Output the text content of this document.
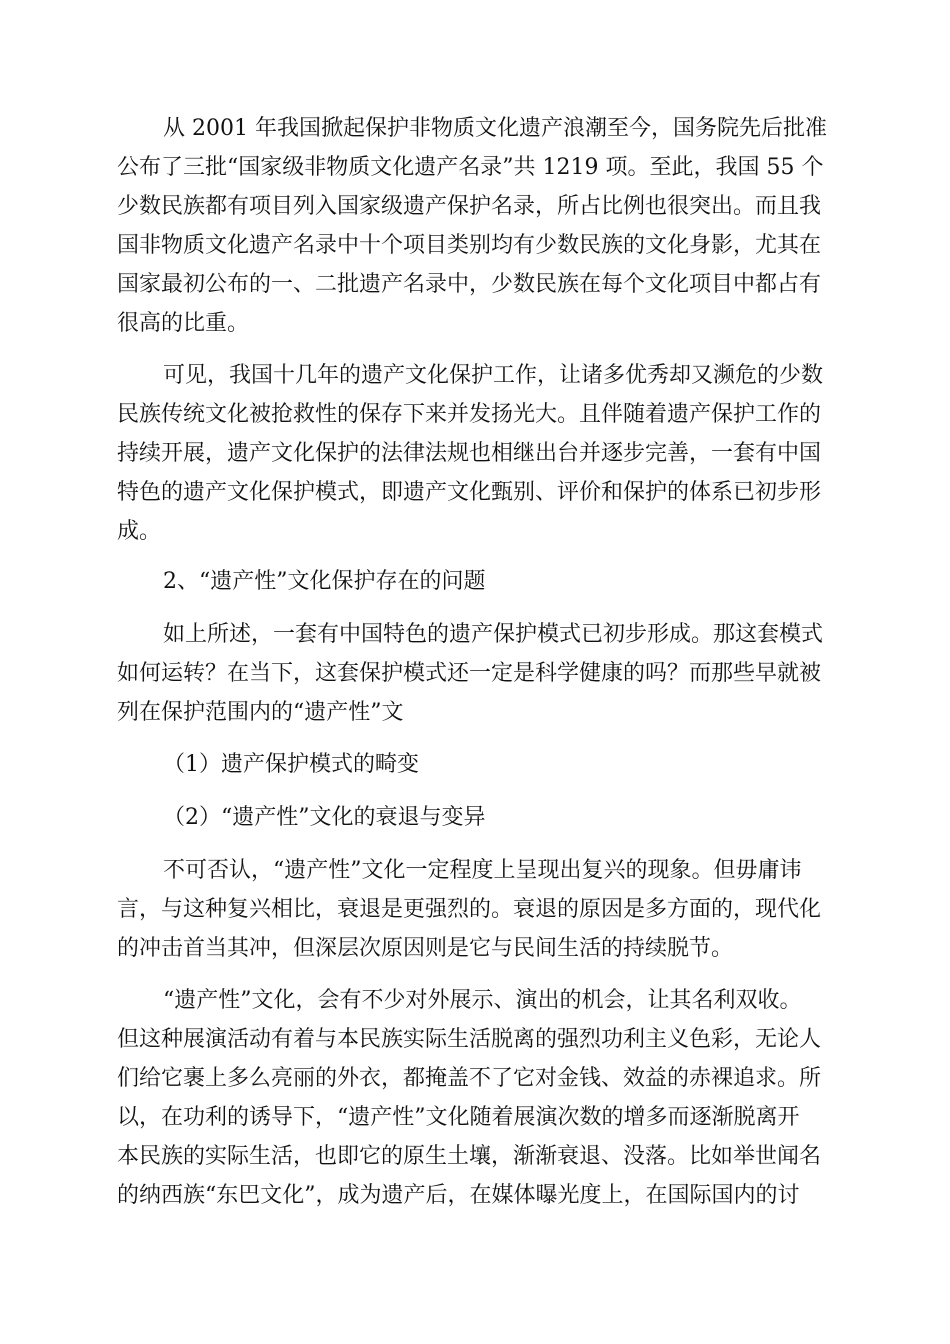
从 2001 年我国掀起保护非物质文化遗产浪潮至今，国务院先后批准
公布了三批“国家级非物质文化遗产名录”共 1219 项。至此，我国 55 个
少数民族都有项目列入国家级遗产保护名录，所占比例也很突出。而且我
国非物质文化遗产名录中十个项目类别均有少数民族的文化身影，尤其在
国家最初公布的一、二批遗产名录中，少数民族在每个文化项目中都占有
很高的比重。
可见，我国十几年的遗产文化保护工作，让诸多优秀却又濒危的少数
民族传统文化被抢救性的保存下来并发扬光大。且伴随着遗产保护工作的
持续开展，遗产文化保护的法律法规也相继出台并逐步完善，一套有中国
特色的遗产文化保护模式，即遗产文化甄别、评价和保护的体系已初步形
成。
2、“遗产性”文化保护存在的问题
如上所述，一套有中国特色的遗产保护模式已初步形成。那这套模式
如何运转？在当下，这套保护模式还一定是科学健康的吗？而那些早就被
列在保护范围内的“遗产性”文
（1）遗产保护模式的畸变
（2）“遗产性”文化的衰退与变异
不可否认，“遗产性”文化一定程度上呈现出复兴的现象。但毋庸讳
言，与这种复兴相比，衰退是更强烈的。衰退的原因是多方面的，现代化
的冲击首当其冲，但深层次原因则是它与民间生活的持续脱节。
“遗产性”文化，会有不少对外展示、演出的机会，让其名利双收。
但这种展演活动有着与本民族实际生活脱离的强烈功利主义色彩，无论人
们给它裹上多么亮丽的外衣，都掩盖不了它对金钱、效益的赤裸追求。所
以，在功利的诱导下，“遗产性”文化随着展演次数的增多而逐渐脱离开
本民族的实际生活，也即它的原生土壤，渐渐衰退、没落。比如举世闻名
的纳西族“东巴文化”，成为遗产后，在媒体曝光度上，在国际国内的讨
